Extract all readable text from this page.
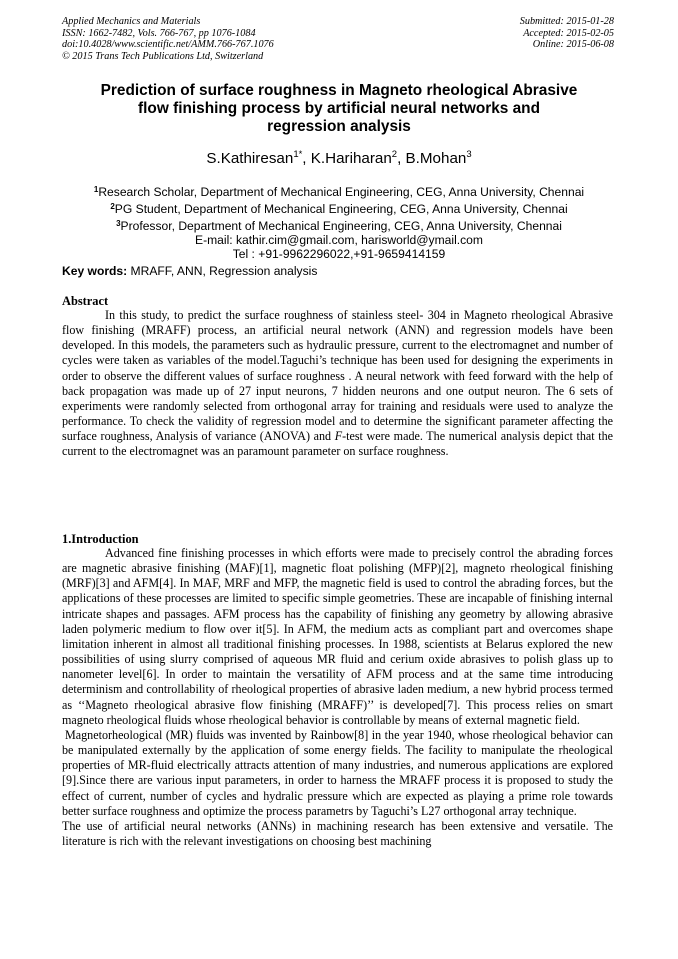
Applied Mechanics and Materials
ISSN: 1662-7482, Vols. 766-767, pp 1076-1084
doi:10.4028/www.scientific.net/AMM.766-767.1076
© 2015 Trans Tech Publications Ltd, Switzerland
Submitted: 2015-01-28
Accepted: 2015-02-05
Online: 2015-06-08
Prediction of surface roughness in Magneto rheological Abrasive
flow finishing process by artificial neural networks and
regression analysis
S.Kathiresan$^{1*}$, K.Hariharan$^2$, B.Mohan$^3$
$^1$Research Scholar, Department of Mechanical Engineering, CEG, Anna University, Chennai
$^2$PG Student, Department of Mechanical Engineering, CEG, Anna University, Chennai
$^3$Professor, Department of Mechanical Engineering, CEG, Anna University, Chennai
E-mail: kathir.cim@gmail.com, harisworld@ymail.com
Tel : +91-9962296022,+91-9659414159
Key words: MRAFF, ANN, Regression analysis

Abstract

In this study, to predict the surface roughness of stainless steel- 304 in Magneto rheological Abrasive flow finishing (MRAFF) process, an artificial neural network (ANN) and regression models have been developed. In this models, the parameters such as hydraulic pressure, current to the electromagnet and number of cycles were taken as variables of the model.Taguchi’s technique has been used for designing the experiments in order to observe the different values of surface roughness . A neural network with feed forward with the help of back propagation was made up of 27 input neurons, 7 hidden neurons and one output neuron. The 6 sets of experiments were randomly selected from orthogonal array for training and residuals were used to analyze the performance. To check the validity of regression model and to determine the significant parameter affecting the surface roughness, Analysis of variance (ANOVA) and F-test were made. The numerical analysis depict that the current to the electromagnet was an paramount parameter on surface roughness.

1.Introduction

Advanced fine finishing processes in which efforts were made to precisely control the abrading forces are magnetic abrasive finishing (MAF)[1], magnetic float polishing (MFP)[2], magneto rheological finishing (MRF)[3] and AFM[4]. In MAF, MRF and MFP, the magnetic field is used to control the abrading forces, but the applications of these processes are limited to specific simple geometries. These are incapable of finishing internal intricate shapes and passages. AFM process has the capability of finishing any geometry by allowing abrasive laden polymeric medium to flow over it[5]. In AFM, the medium acts as compliant part and overcomes shape limitation inherent in almost all traditional finishing processes. In 1988, scientists at Belarus explored the new possibilities of using slurry comprised of aqueous MR fluid and cerium oxide abrasives to polish glass up to nanometer level[6]. In order to maintain the versatility of AFM process and at the same time introducing determinism and controllability of rheological properties of abrasive laden medium, a new hybrid process termed as ‘‘Magneto rheological abrasive flow finishing (MRAFF)’’ is developed[7]. This process relies on smart magneto rheological fluids whose rheological behavior is controllable by means of external magnetic field.

Magnetorheological (MR) fluids was invented by Rainbow[8] in the year 1940, whose rheological behavior can be manipulated externally by the application of some energy fields. The facility to manipulate the rheological properties of MR-fluid electrically attracts attention of many industries, and numerous applications are explored [9].Since there are various input parameters, in order to harness the MRAFF process it is proposed to study the effect of current, number of cycles and hydralic pressure which are expected as playing a prime role towards better surface roughness and optimize the process parametrs by Taguchi’s L27 orthogonal array technique.

The use of artificial neural networks (ANNs) in machining research has been extensive and versatile. The literature is rich with the relevant investigations on choosing best machining
